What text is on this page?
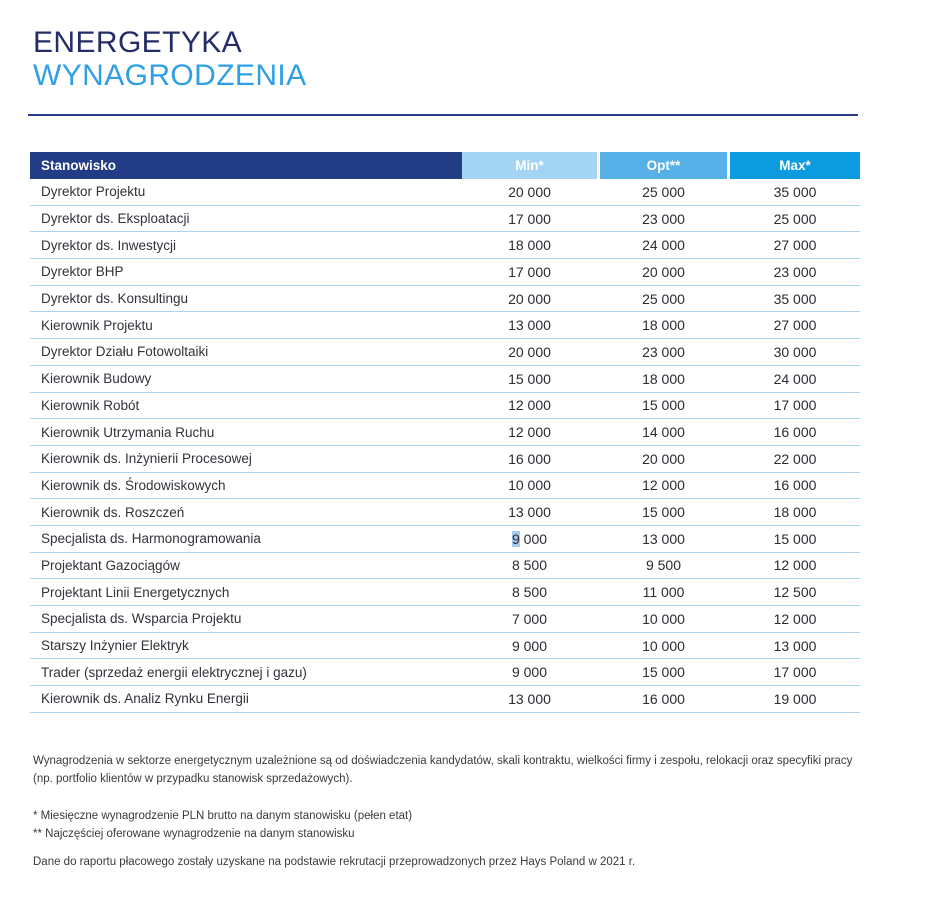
ENERGETYKA
WYNAGRODZENIA
Stanowisko	Min*	Opt**	Max*
Dyrektor Projektu	20 000	25 000	35 000
Dyrektor ds. Eksploatacji	17 000	23 000	25 000
Dyrektor ds. Inwestycji	18 000	24 000	27 000
Dyrektor BHP	17 000	20 000	23 000
Dyrektor ds. Konsultingu	20 000	25 000	35 000
Kierownik Projektu	13 000	18 000	27 000
Dyrektor Działu Fotowoltaiki	20 000	23 000	30 000
Kierownik Budowy	15 000	18 000	24 000
Kierownik Robót	12 000	15 000	17 000
Kierownik Utrzymania Ruchu	12 000	14 000	16 000
Kierownik ds. Inżynierii Procesowej	16 000	20 000	22 000
Kierownik ds. Środowiskowych	10 000	12 000	16 000
Kierownik ds. Roszczeń	13 000	15 000	18 000
Specjalista ds. Harmonogramowania	9 000	13 000	15 000
Projektant Gazociągów	8 500	9 500	12 000
Projektant Linii Energetycznych	8 500	11 000	12 500
Specjalista ds. Wsparcia Projektu	7 000	10 000	12 000
Starszy Inżynier Elektryk	9 000	10 000	13 000
Trader (sprzedaż energii elektrycznej i gazu)	9 000	15 000	17 000
Kierownik ds. Analiz Rynku Energii	13 000	16 000	19 000
Wynagrodzenia w sektorze energetycznym uzależnione są od doświadczenia kandydatów, skali kontraktu, wielkości firmy i zespołu, relokacji oraz specyfiki pracy
(np. portfolio klientów w przypadku stanowisk sprzedażowych).
* Miesięczne wynagrodzenie PLN brutto na danym stanowisku (pełen etat)
** Najczęściej oferowane wynagrodzenie na danym stanowisku
Dane do raportu płacowego zostały uzyskane na podstawie rekrutacji przeprowadzonych przez Hays Poland w 2021 r.
